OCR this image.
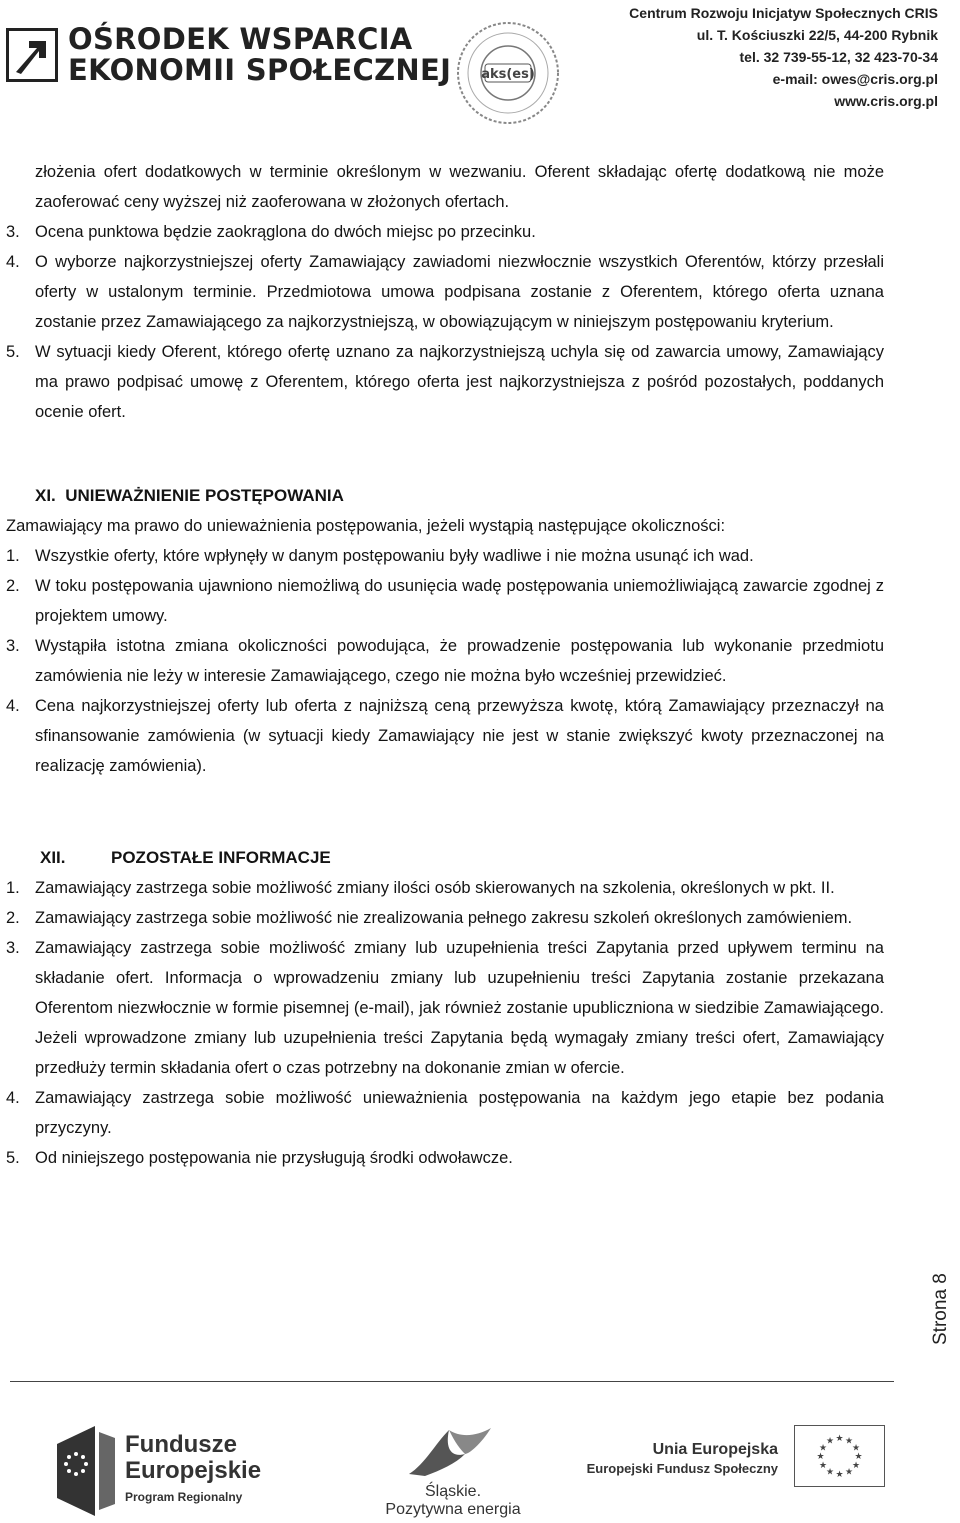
OŚRODEK WSPARCIA
EKONOMII SPOŁECZNEJ aks(es)
Centrum Rozwoju Inicjatyw Społecznych CRIS
ul. T. Kościuszki 22/5, 44-200 Rybnik
tel. 32 739-55-12, 32 423-70-34
e-mail: owes@cris.org.pl
www.cris.org.pl
złożenia ofert dodatkowych w terminie określonym w wezwaniu. Oferent składając ofertę dodatkową nie może zaoferować ceny wyższej niż zaoferowana w złożonych ofertach.
3. Ocena punktowa będzie zaokrąglona do dwóch miejsc po przecinku.
4. O wyborze najkorzystniejszej oferty Zamawiający zawiadomi niezwłocznie wszystkich Oferentów, którzy przesłali oferty w ustalonym terminie. Przedmiotowa umowa podpisana zostanie z Oferentem, którego oferta uznana zostanie przez Zamawiającego za najkorzystniejszą, w obowiązującym w niniejszym postępowaniu kryterium.
5. W sytuacji kiedy Oferent, którego ofertę uznano za najkorzystniejszą uchyla się od zawarcia umowy, Zamawiający ma prawo podpisać umowę z Oferentem, którego oferta jest najkorzystniejsza z pośród pozostałych, poddanych ocenie ofert.
XI. UNIEWAŻNIENIE POSTĘPOWANIA
Zamawiający ma prawo do unieważnienia postępowania, jeżeli wystąpią następujące okoliczności:
1. Wszystkie oferty, które wpłynęły w danym postępowaniu były wadliwe i nie można usunąć ich wad.
2. W toku postępowania ujawniono niemożliwą do usunięcia wadę postępowania uniemożliwiającą zawarcie zgodnej z projektem umowy.
3. Wystąpiła istotna zmiana okoliczności powodująca, że prowadzenie postępowania lub wykonanie przedmiotu zamówienia nie leży w interesie Zamawiającego, czego nie można było wcześniej przewidzieć.
4. Cena najkorzystniejszej oferty lub oferta z najniższą ceną przewyższa kwotę, którą Zamawiający przeznaczył na sfinansowanie zamówienia (w sytuacji kiedy Zamawiający nie jest w stanie zwiększyć kwoty przeznaczonej na realizację zamówienia).
XII.	POZOSTAŁE INFORMACJE
1. Zamawiający zastrzega sobie możliwość zmiany ilości osób skierowanych na szkolenia, określonych w pkt. II.
2. Zamawiający zastrzega sobie możliwość nie zrealizowania pełnego zakresu szkoleń określonych zamówieniem.
3. Zamawiający zastrzega sobie możliwość zmiany lub uzupełnienia treści Zapytania przed upływem terminu na składanie ofert. Informacja o wprowadzeniu zmiany lub uzupełnieniu treści Zapytania zostanie przekazana Oferentom niezwłocznie w formie pisemnej (e-mail), jak również zostanie upubliczniona w siedzibie Zamawiającego. Jeżeli wprowadzone zmiany lub uzupełnienia treści Zapytania będą wymagały zmiany treści ofert, Zamawiający przedłuży termin składania ofert o czas potrzebny na dokonanie zmian w ofercie.
4. Zamawiający zastrzega sobie możliwość unieważnienia postępowania na każdym jego etapie bez podania przyczyny.
5. Od niniejszego postępowania nie przysługują środki odwoławcze.
Strona 8
Fundusze
Europejskie
Program Regionalny	Śląskie.
Pozytywna energia
Unia Europejska
Europejski Fundusz Społeczny
★ ★
★
★
★
★
★
★
★
★
★
★
